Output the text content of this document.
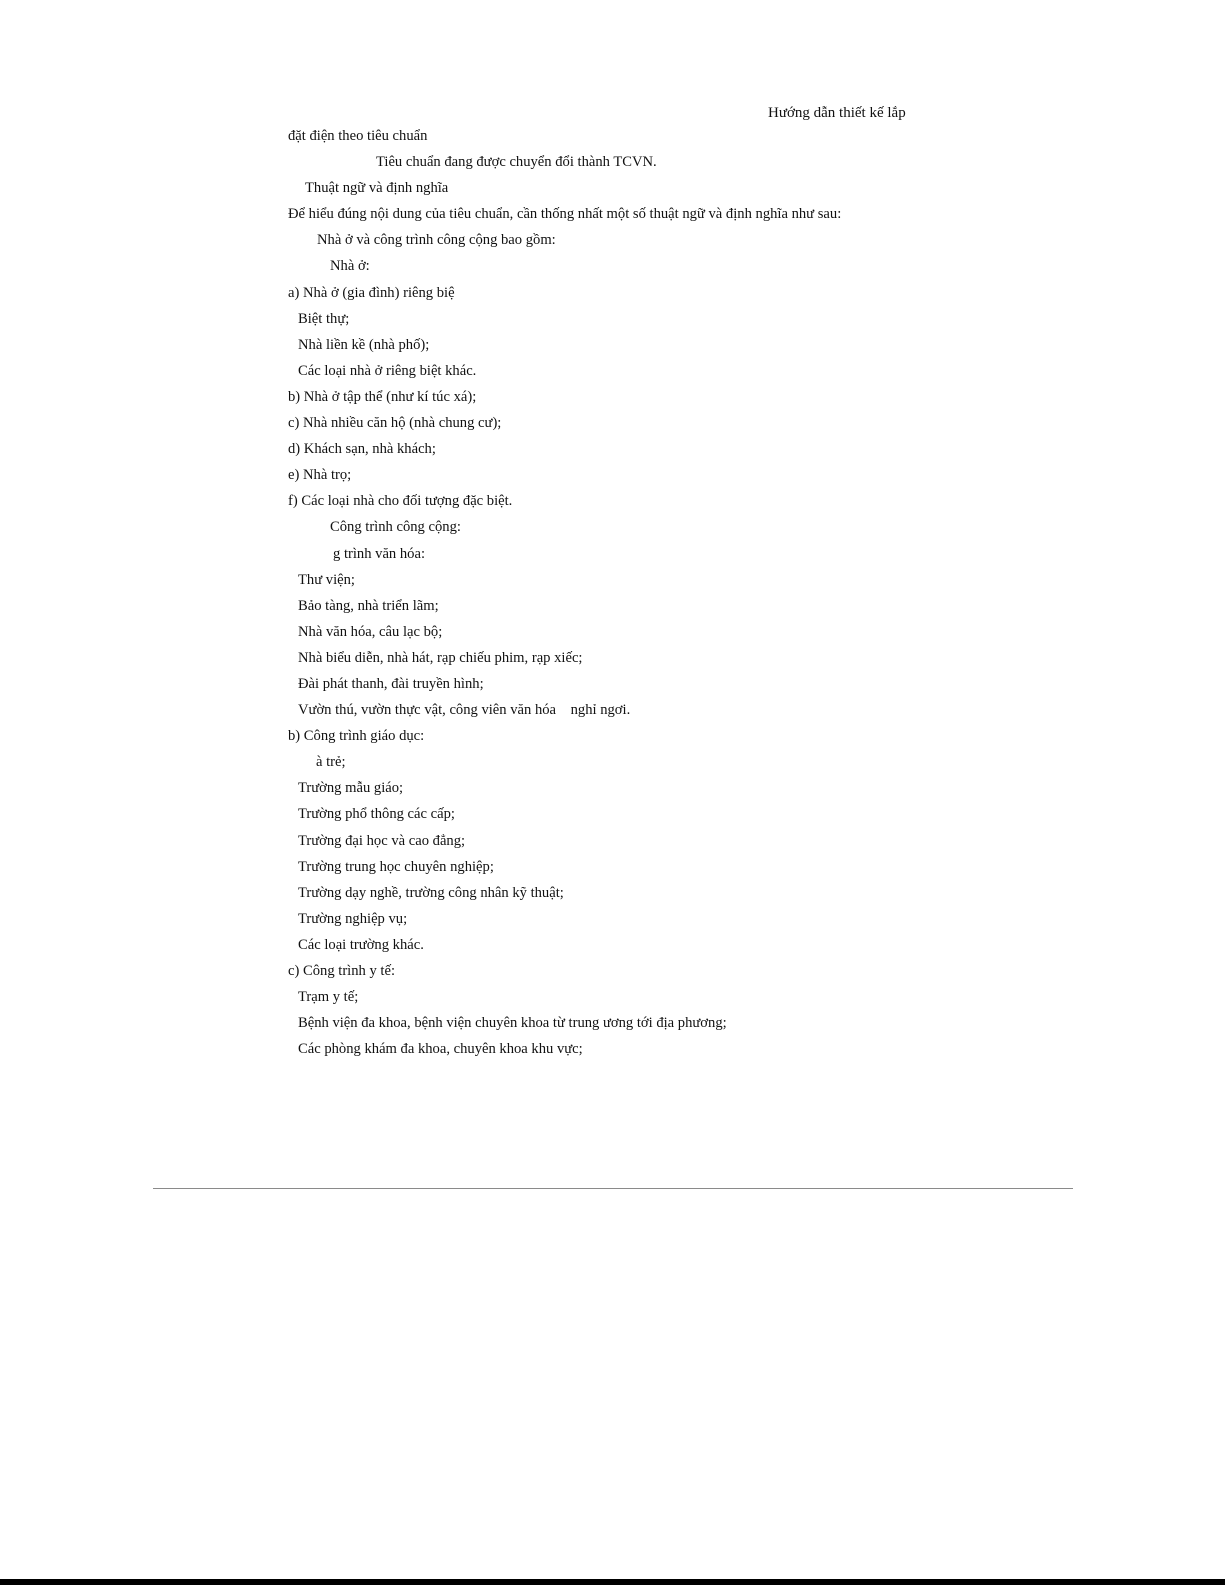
Hướng dẫn thiết kế lắp
đặt điện theo tiêu chuẩn
Tiêu chuẩn đang được chuyển đổi thành TCVN.
Thuật ngữ và định nghĩa
Để hiểu đúng nội dung của tiêu chuẩn, cần thống nhất một số thuật ngữ và định nghĩa như sau:
Nhà ở và công trình công cộng bao gồm:
Nhà ở:
a) Nhà ở (gia đình) riêng biệ
Biệt thự;
Nhà liền kề (nhà phố);
Các loại nhà ở riêng biệt khác.
b) Nhà ở tập thể (như kí túc xá);
c) Nhà nhiều căn hộ (nhà chung cư);
d) Khách sạn, nhà khách;
e) Nhà trọ;
f) Các loại nhà cho đối tượng đặc biệt.
Công trình công cộng:
g trình văn hóa:
Thư viện;
Bảo tàng, nhà triển lãm;
Nhà văn hóa, câu lạc bộ;
Nhà biểu diễn, nhà hát, rạp chiếu phim, rạp xiếc;
Đài phát thanh, đài truyền hình;
Vườn thú, vườn thực vật, công viên văn hóa    nghỉ ngơi.
b) Công trình giáo dục:
à trẻ;
Trường mẫu giáo;
Trường phổ thông các cấp;
Trường đại học và cao đẳng;
Trường trung học chuyên nghiệp;
Trường dạy nghề, trường công nhân kỹ thuật;
Trường nghiệp vụ;
Các loại trường khác.
c) Công trình y tế:
Trạm y tế;
Bệnh viện đa khoa, bệnh viện chuyên khoa từ trung ương tới địa phương;
Các phòng khám đa khoa, chuyên khoa khu vực;
